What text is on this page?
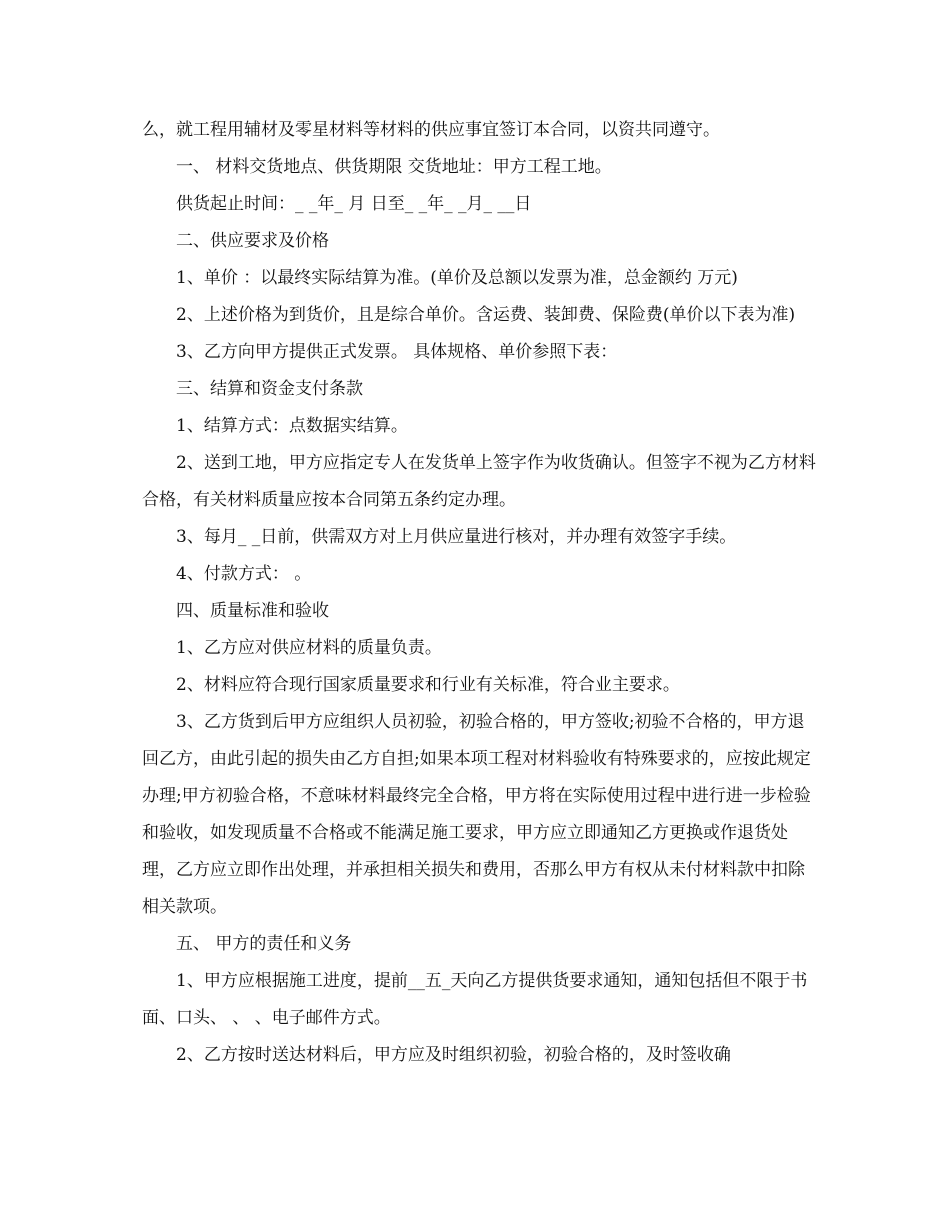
么，就工程用辅材及零星材料等材料的供应事宜签订本合同，以资共同遵守。

一、 材料交货地点、供货期限 交货地址：甲方工程工地。

供货起止时间：_ _年_ 月 日至_ _年_ _月_ __日

二、供应要求及价格

1、单价 ：以最终实际结算为准。(单价及总额以发票为准，总金额约 万元)

2、上述价格为到货价，且是综合单价。含运费、装卸费、保险费(单价以下表为准)

3、乙方向甲方提供正式发票。 具体规格、单价参照下表：

三、结算和资金支付条款

1、结算方式：点数据实结算。

2、送到工地，甲方应指定专人在发货单上签字作为收货确认。但签字不视为乙方材料合格，有关材料质量应按本合同第五条约定办理。

3、每月_ _日前，供需双方对上月供应量进行核对，并办理有效签字手续。

4、付款方式： 。

四、质量标准和验收

1、乙方应对供应材料的质量负责。

2、材料应符合现行国家质量要求和行业有关标准，符合业主要求。

3、乙方货到后甲方应组织人员初验，初验合格的，甲方签收;初验不合格的，甲方退回乙方，由此引起的损失由乙方自担;如果本项工程对材料验收有特殊要求的，应按此规定办理;甲方初验合格，不意味材料最终完全合格，甲方将在实际使用过程中进行进一步检验和验收，如发现质量不合格或不能满足施工要求，甲方应立即通知乙方更换或作退货处理，乙方应立即作出处理，并承担相关损失和费用，否那么甲方有权从未付材料款中扣除相关款项。

五、 甲方的责任和义务

1、甲方应根据施工进度，提前__五_天向乙方提供货要求通知，通知包括但不限于书面、口头、 、 、电子邮件方式。

2、乙方按时送达材料后，甲方应及时组织初验，初验合格的，及时签收确
